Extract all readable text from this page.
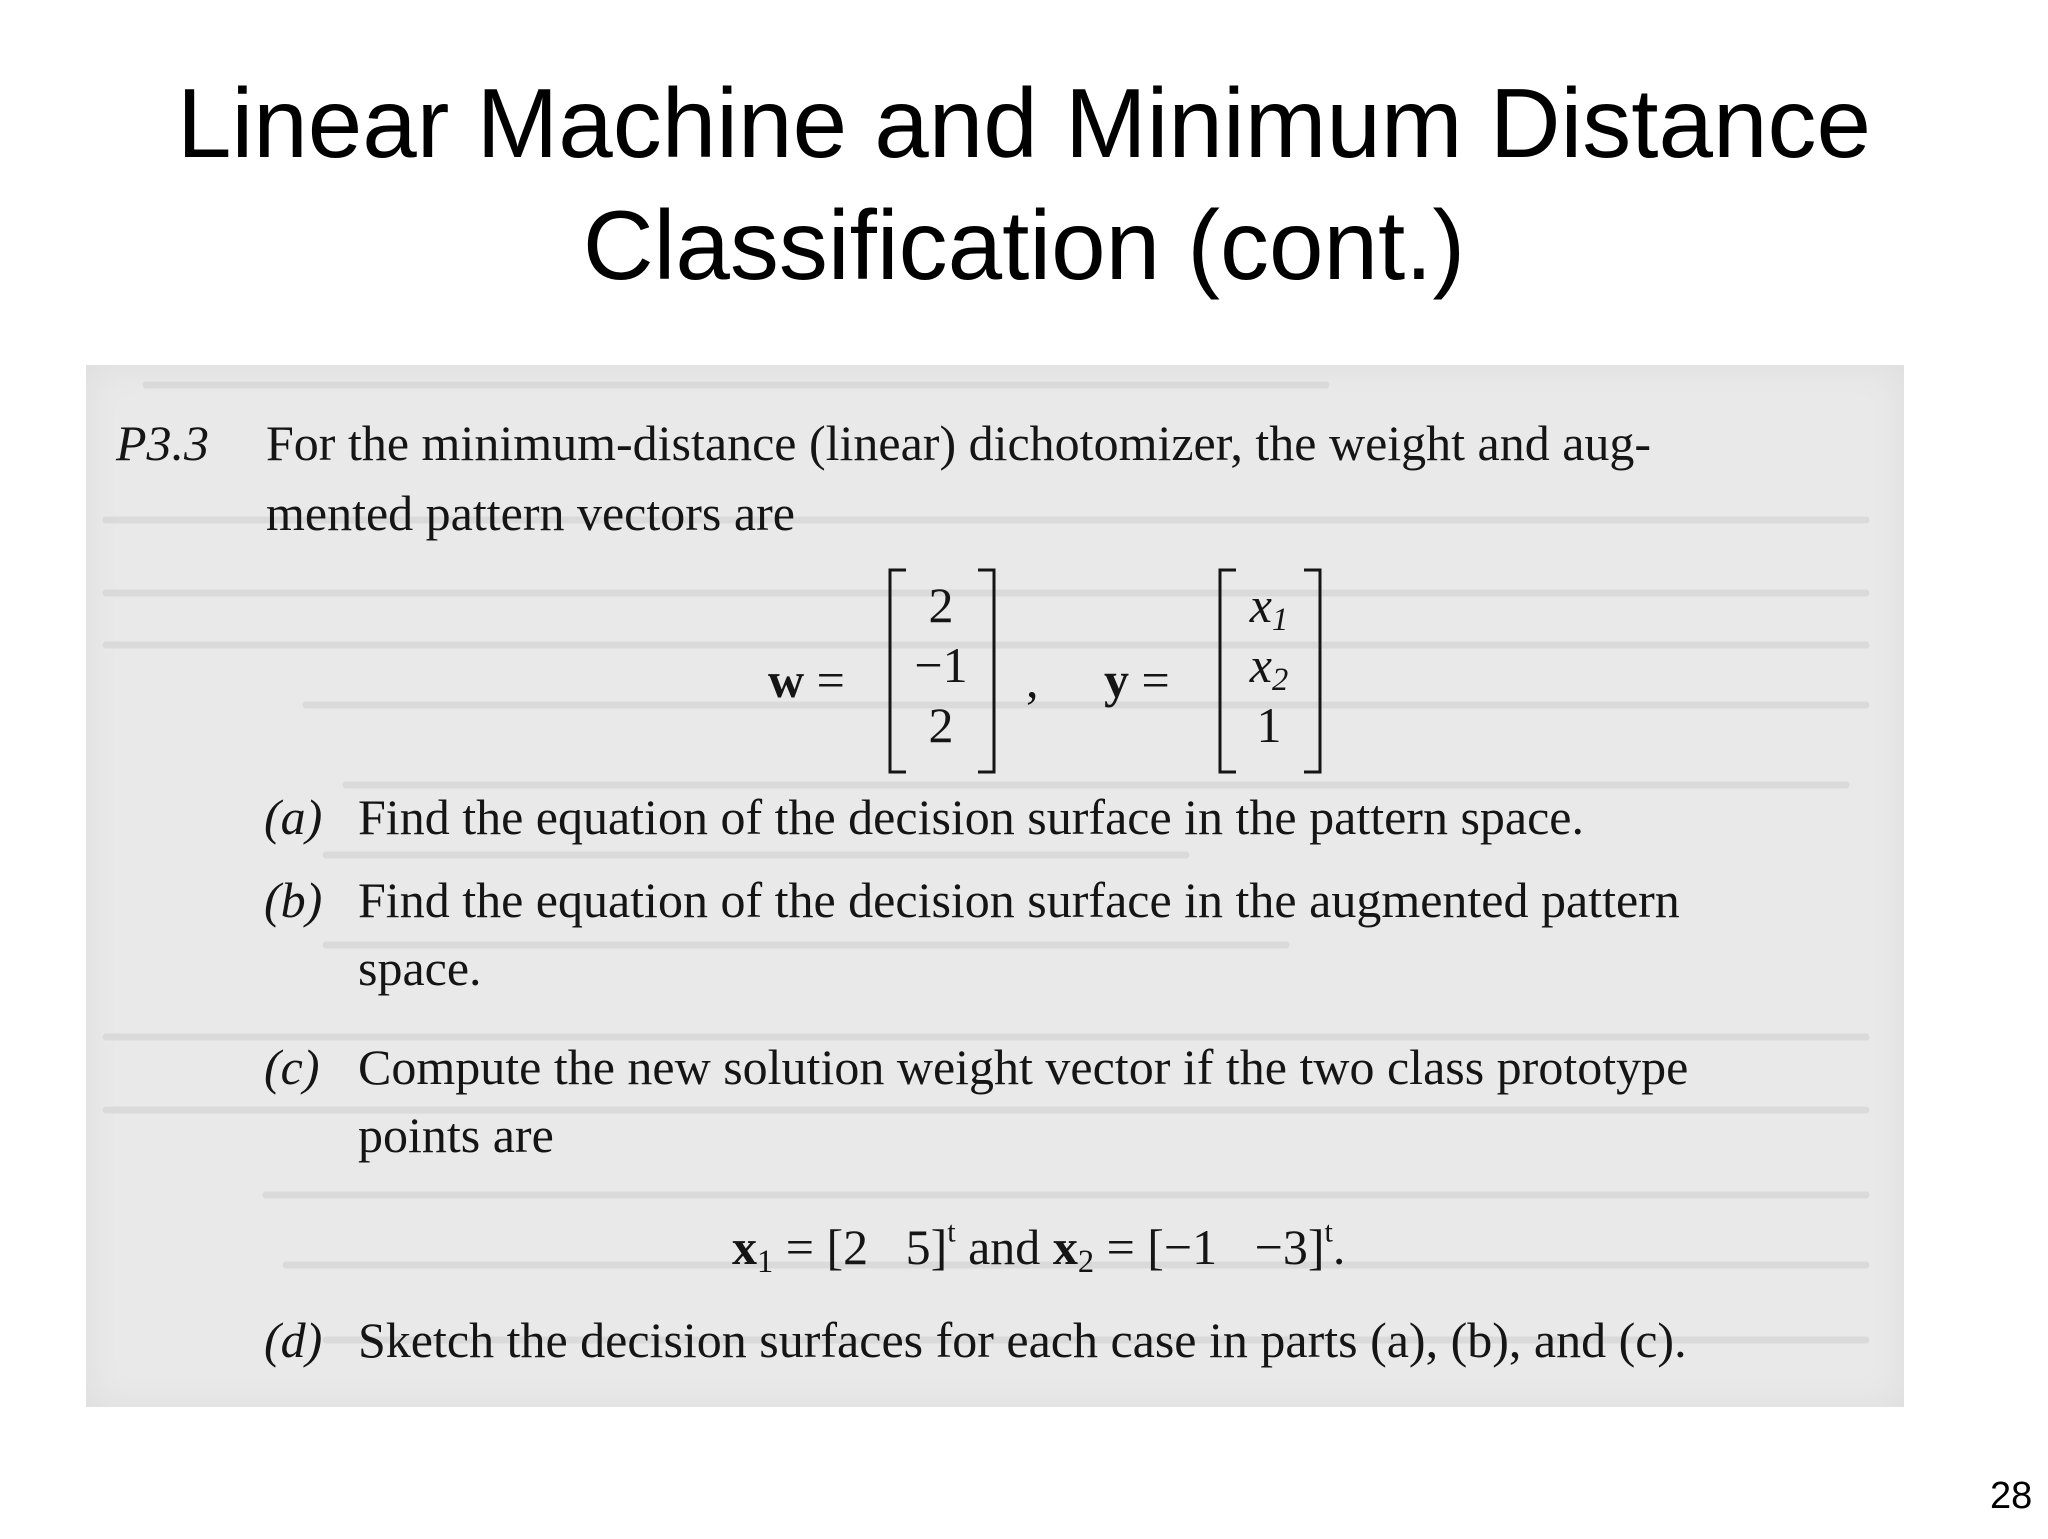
Linear Machine and Minimum Distance
Classification (cont.)
P3.3 For the minimum-distance (linear) dichotomizer, the weight and aug-
mented pattern vectors are
w =
2
−1
2
, y =
$x_1$
$x_2$
1
(a) Find the equation of the decision surface in the pattern space.
(b) Find the equation of the decision surface in the augmented pattern
space.
(c) Compute the new solution weight vector if the two class prototype
points are
$x_1 = [2$   5]$^t$ and $x_2 = [-1 -3]^t$.
(d) Sketch the decision surfaces for each case in parts (a), (b), and (c).
28
